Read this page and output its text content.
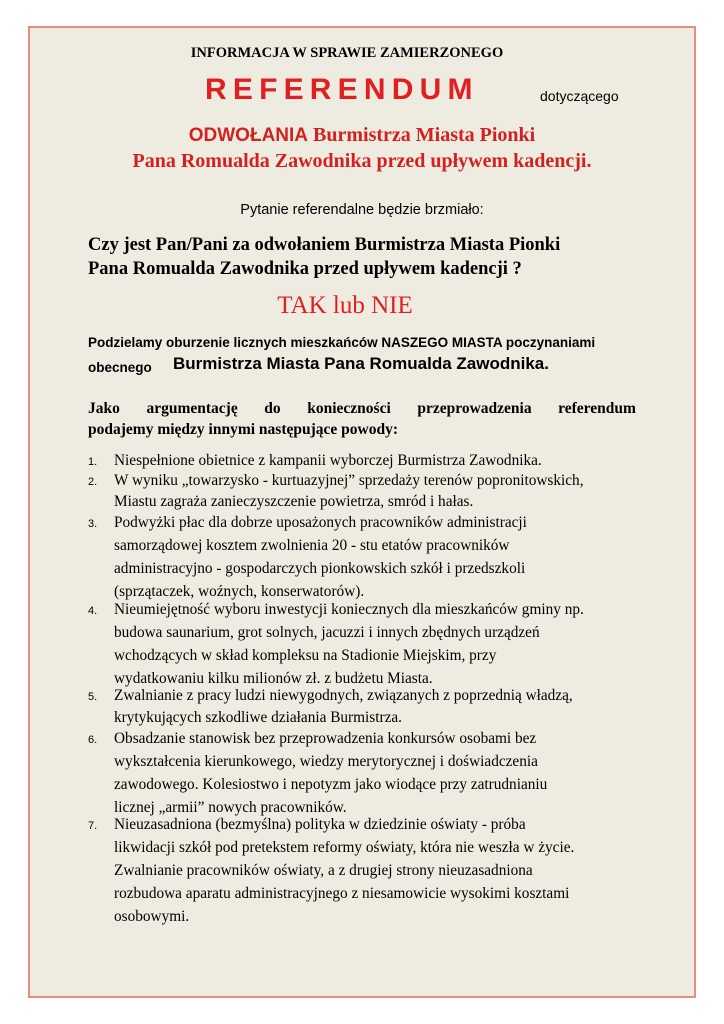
INFORMACJA W SPRAWIE ZAMIERZONEGO
REFERENDUM	dotyczącego
ODWOŁANIA Burmistrza Miasta Pionki
Pana Romualda Zawodnika przed upływem kadencji.
Pytanie referendalne będzie brzmiało:
Czy jest Pan/Pani za odwołaniem Burmistrza Miasta Pionki
Pana Romualda Zawodnika przed upływem kadencji ?
TAK lub NIE
Podzielamy oburzenie licznych mieszkańców NASZEGO MIASTA poczynaniami
obecnego Burmistrza Miasta Pana Romualda Zawodnika.
Jako argumentację do konieczności przeprowadzenia referendum
podajemy między innymi następujące powody:
1.	Niespełnione obietnice z kampanii wyborczej Burmistrza Zawodnika.
2.	W wyniku „towarzysko - kurtuazyjnej” sprzedaży terenów popronitowskich,
Miastu zagraża zanieczyszczenie powietrza, smród i hałas.
3.	Podwyżki płac dla dobrze uposażonych pracowników administracji
samorządowej kosztem zwolnienia 20 - stu etatów pracowników
administracyjno - gospodarczych pionkowskich szkół i przedszkoli
(sprzątaczek, woźnych, konserwatorów).
4.	Nieumiejętność wyboru inwestycji koniecznych dla mieszkańców gminy np.
budowa saunarium, grot solnych, jacuzzi i innych zbędnych urządzeń
wchodzących w skład kompleksu na Stadionie Miejskim, przy
wydatkowaniu kilku milionów zł. z budżetu Miasta.
5.	Zwalnianie z pracy ludzi niewygodnych, związanych z poprzednią władzą,
krytykujących szkodliwe działania Burmistrza.
6.	Obsadzanie stanowisk bez przeprowadzenia konkursów osobami bez
wykształcenia kierunkowego, wiedzy merytorycznej i doświadczenia
zawodowego. Kolesiostwo i nepotyzm jako wiodące przy zatrudnianiu
licznej „armii” nowych pracowników.
7.	Nieuzasadniona (bezmyślna) polityka w dziedzinie oświaty - próba
likwidacji szkół pod pretekstem reformy oświaty, która nie weszła w życie.
Zwalnianie pracowników oświaty, a z drugiej strony nieuzasadniona
rozbudowa aparatu administracyjnego z niesamowicie wysokimi kosztami
osobowymi.
